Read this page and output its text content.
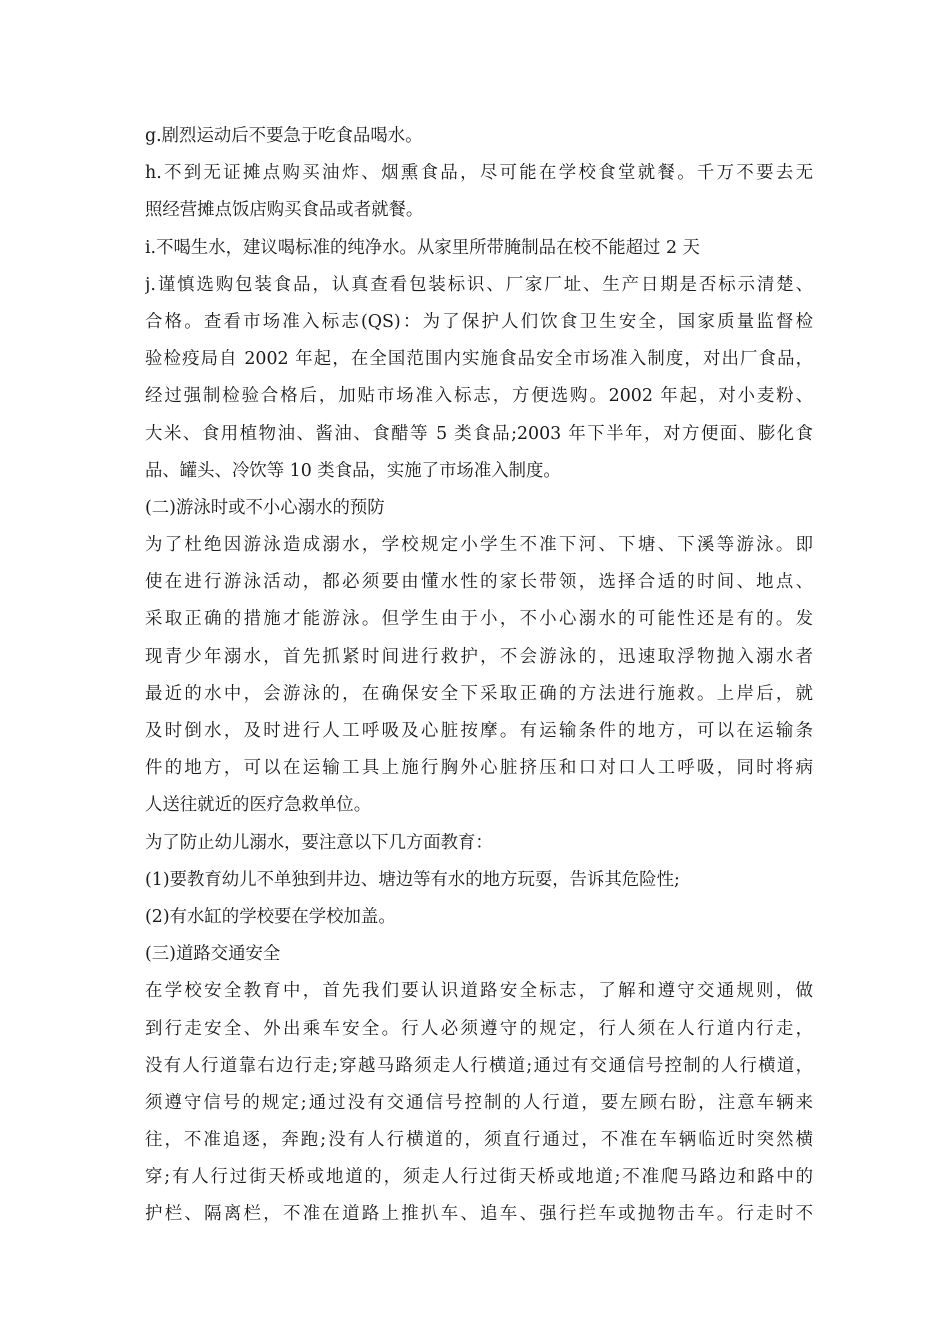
g.剧烈运动后不要急于吃食品喝水。
h.不到无证摊点购买油炸、烟熏食品，尽可能在学校食堂就餐。千万不要去无
照经营摊点饭店购买食品或者就餐。
i.不喝生水，建议喝标准的纯净水。从家里所带腌制品在校不能超过 2 天
j.谨慎选购包装食品，认真查看包装标识、厂家厂址、生产日期是否标示清楚、
合格。查看市场准入标志(QS)：为了保护人们饮食卫生安全，国家质量监督检
验检疫局自 2002 年起，在全国范围内实施食品安全市场准入制度，对出厂食品，
经过强制检验合格后，加贴市场准入标志，方便选购。2002 年起，对小麦粉、
大米、食用植物油、酱油、食醋等 5 类食品;2003 年下半年，对方便面、膨化食
品、罐头、冷饮等 10 类食品，实施了市场准入制度。
(二)游泳时或不小心溺水的预防
为了杜绝因游泳造成溺水，学校规定小学生不准下河、下塘、下溪等游泳。即
使在进行游泳活动，都必须要由懂水性的家长带领，选择合适的时间、地点、
采取正确的措施才能游泳。但学生由于小，不小心溺水的可能性还是有的。发
现青少年溺水，首先抓紧时间进行救护，不会游泳的，迅速取浮物抛入溺水者
最近的水中，会游泳的，在确保安全下采取正确的方法进行施救。上岸后，就
及时倒水，及时进行人工呼吸及心脏按摩。有运输条件的地方，可以在运输条
件的地方，可以在运输工具上施行胸外心脏挤压和口对口人工呼吸，同时将病
人送往就近的医疗急救单位。
为了防止幼儿溺水，要注意以下几方面教育：
(1)要教育幼儿不单独到井边、塘边等有水的地方玩耍，告诉其危险性;
(2)有水缸的学校要在学校加盖。
(三)道路交通安全
在学校安全教育中，首先我们要认识道路安全标志，了解和遵守交通规则，做
到行走安全、外出乘车安全。行人必须遵守的规定，行人须在人行道内行走，
没有人行道靠右边行走;穿越马路须走人行横道;通过有交通信号控制的人行横道，
须遵守信号的规定;通过没有交通信号控制的人行道，要左顾右盼，注意车辆来
往，不准追逐，奔跑;没有人行横道的，须直行通过，不准在车辆临近时突然横
穿;有人行过街天桥或地道的，须走人行过街天桥或地道;不准爬马路边和路中的
护栏、隔离栏，不准在道路上推扒车、追车、强行拦车或抛物击车。行走时不
